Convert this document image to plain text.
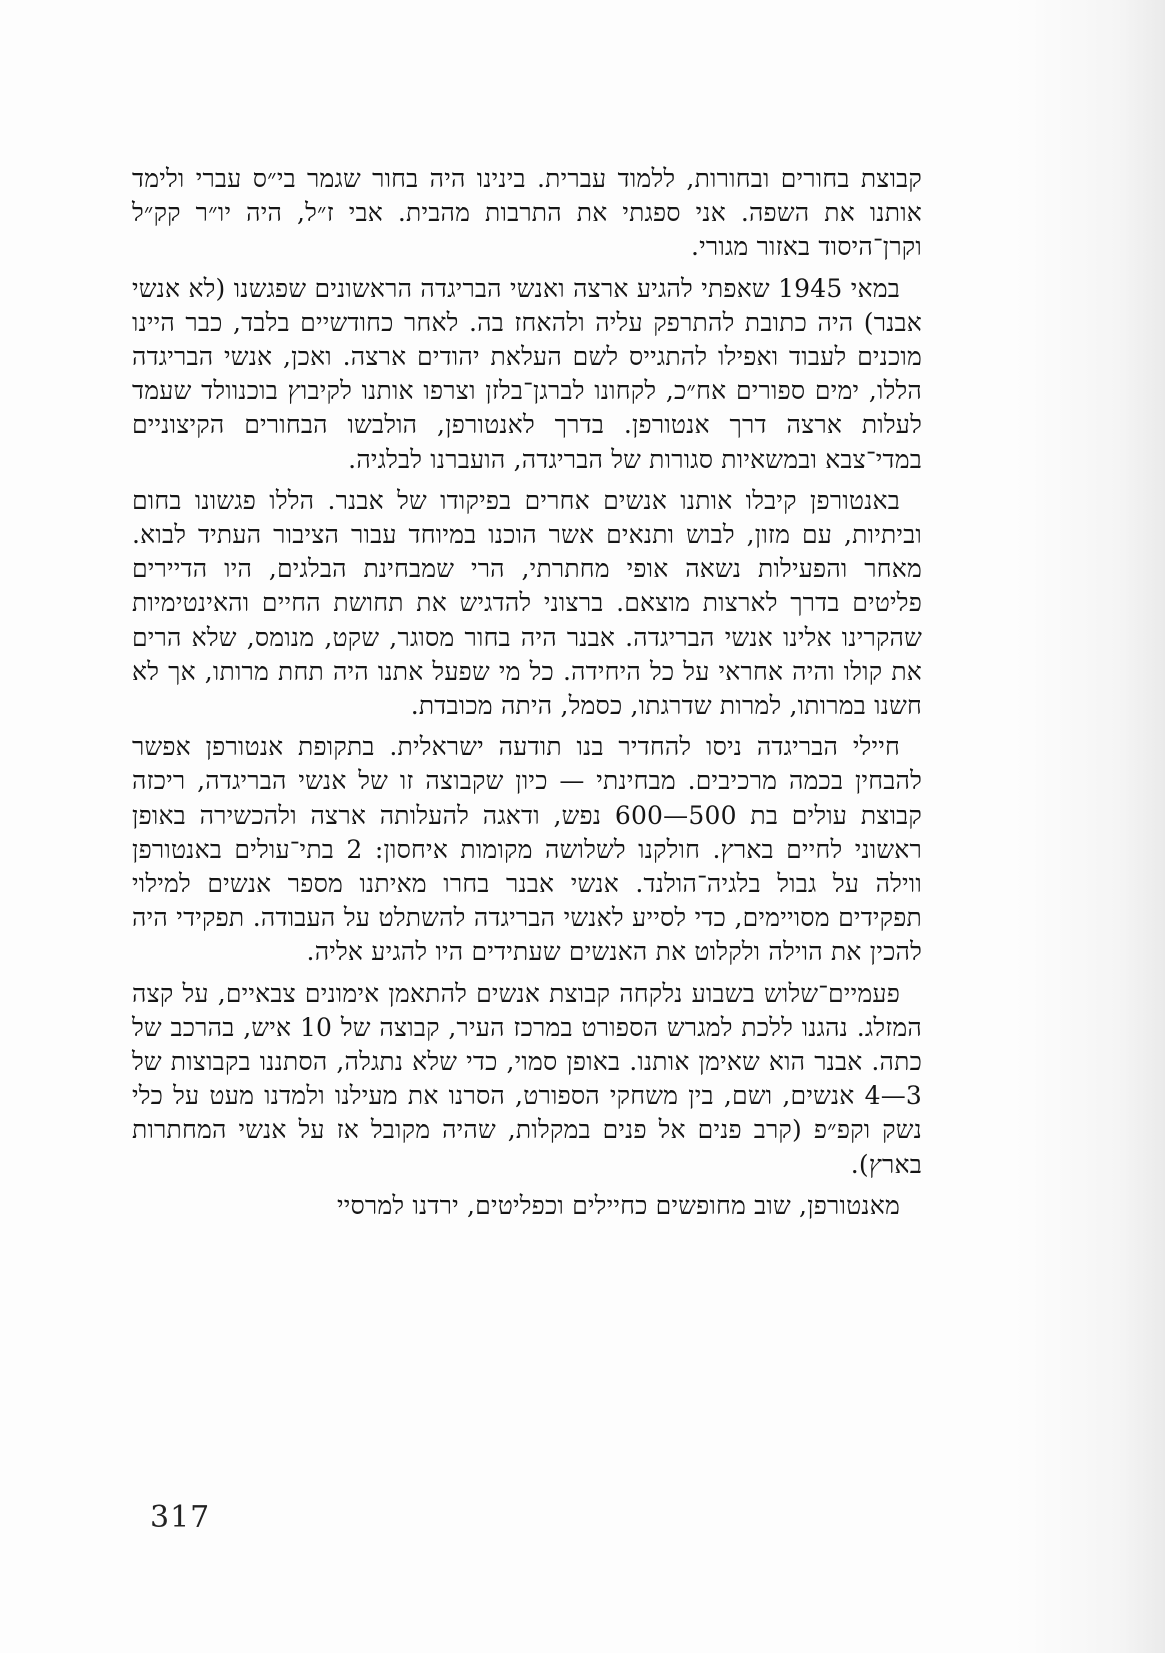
קבוצת בחורים ובחורות, ללמוד עברית. בינינו היה בחור שגמר בי״ס עברי ולימד אותנו את השפה. אני ספגתי את התרבות מהבית. אבי ז״ל, היה יו״ר קק״ל וקרן־היסוד באזור מגורי.

במאי 1945 שאפתי להגיע ארצה ואנשי הבריגדה הראשונים שפגשנו (לא אנשי אבנר) היה כתובת להתרפק עליה ולהאחז בה. לאחר כחודשיים בלבד, כבר היינו מוכנים לעבוד ואפילו להתגייס לשם העלאת יהודים ארצה. ואכן, אנשי הבריגדה הללו, ימים ספורים אח״כ, לקחונו לברגן־בלזן וצרפו אותנו לקיבוץ בוכנוולד שעמד לעלות ארצה דרך אנטורפן. בדרך לאנטורפן, הולבשו הבחורים הקיצוניים במדי־צבא ובמשאיות סגורות של הבריגדה, הועברנו לבלגיה.

באנטורפן קיבלו אותנו אנשים אחרים בפיקודו של אבנר. הללו פגשונו בחום וביתיות, עם מזון, לבוש ותנאים אשר הוכנו במיוחד עבור הציבור העתיד לבוא. מאחר והפעילות נשאה אופי מחתרתי, הרי שמבחינת הבלגים, היו הדיירים פליטים בדרך לארצות מוצאם. ברצוני להדגיש את תחושת החיים והאינטימיות שהקרינו אלינו אנשי הבריגדה. אבנר היה בחור מסוגר, שקט, מנומס, שלא הרים את קולו והיה אחראי על כל היחידה. כל מי שפעל אתנו היה תחת מרותו, אך לא חשנו במרותו, למרות שדרגתו, כסמל, היתה מכובדת.

חיילי הבריגדה ניסו להחדיר בנו תודעה ישראלית. בתקופת אנטורפן אפשר להבחין בכמה מרכיבים. מבחינתי — כיון שקבוצה זו של אנשי הבריגדה, ריכזה קבוצת עולים בת 500—600 נפש, ודאגה להעלותה ארצה ולהכשירה באופן ראשוני לחיים בארץ. חולקנו לשלושה מקומות איחסון: 2 בתי־עולים באנטורפן ווילה על גבול בלגיה־הולנד. אנשי אבנר בחרו מאיתנו מספר אנשים למילוי תפקידים מסויימים, כדי לסייע לאנשי הבריגדה להשתלט על העבודה. תפקידי היה להכין את הוילה ולקלוט את האנשים שעתידים היו להגיע אליה.

פעמיים־שלוש בשבוע נלקחה קבוצת אנשים להתאמן אימונים צבאיים, על קצה המזלג. נהגנו ללכת למגרש הספורט במרכז העיר, קבוצה של 10 איש, בהרכב של כתה. אבנר הוא שאימן אותנו. באופן סמוי, כדי שלא נתגלה, הסתננו בקבוצות של 3—4 אנשים, ושם, בין משחקי הספורט, הסרנו את מעילנו ולמדנו מעט על כלי נשק וקפ״פ (קרב פנים אל פנים במקלות, שהיה מקובל אז על אנשי המחתרות בארץ).

מאנטורפן, שוב מחופשים כחיילים וכפליטים, ירדנו למרסיי

317
